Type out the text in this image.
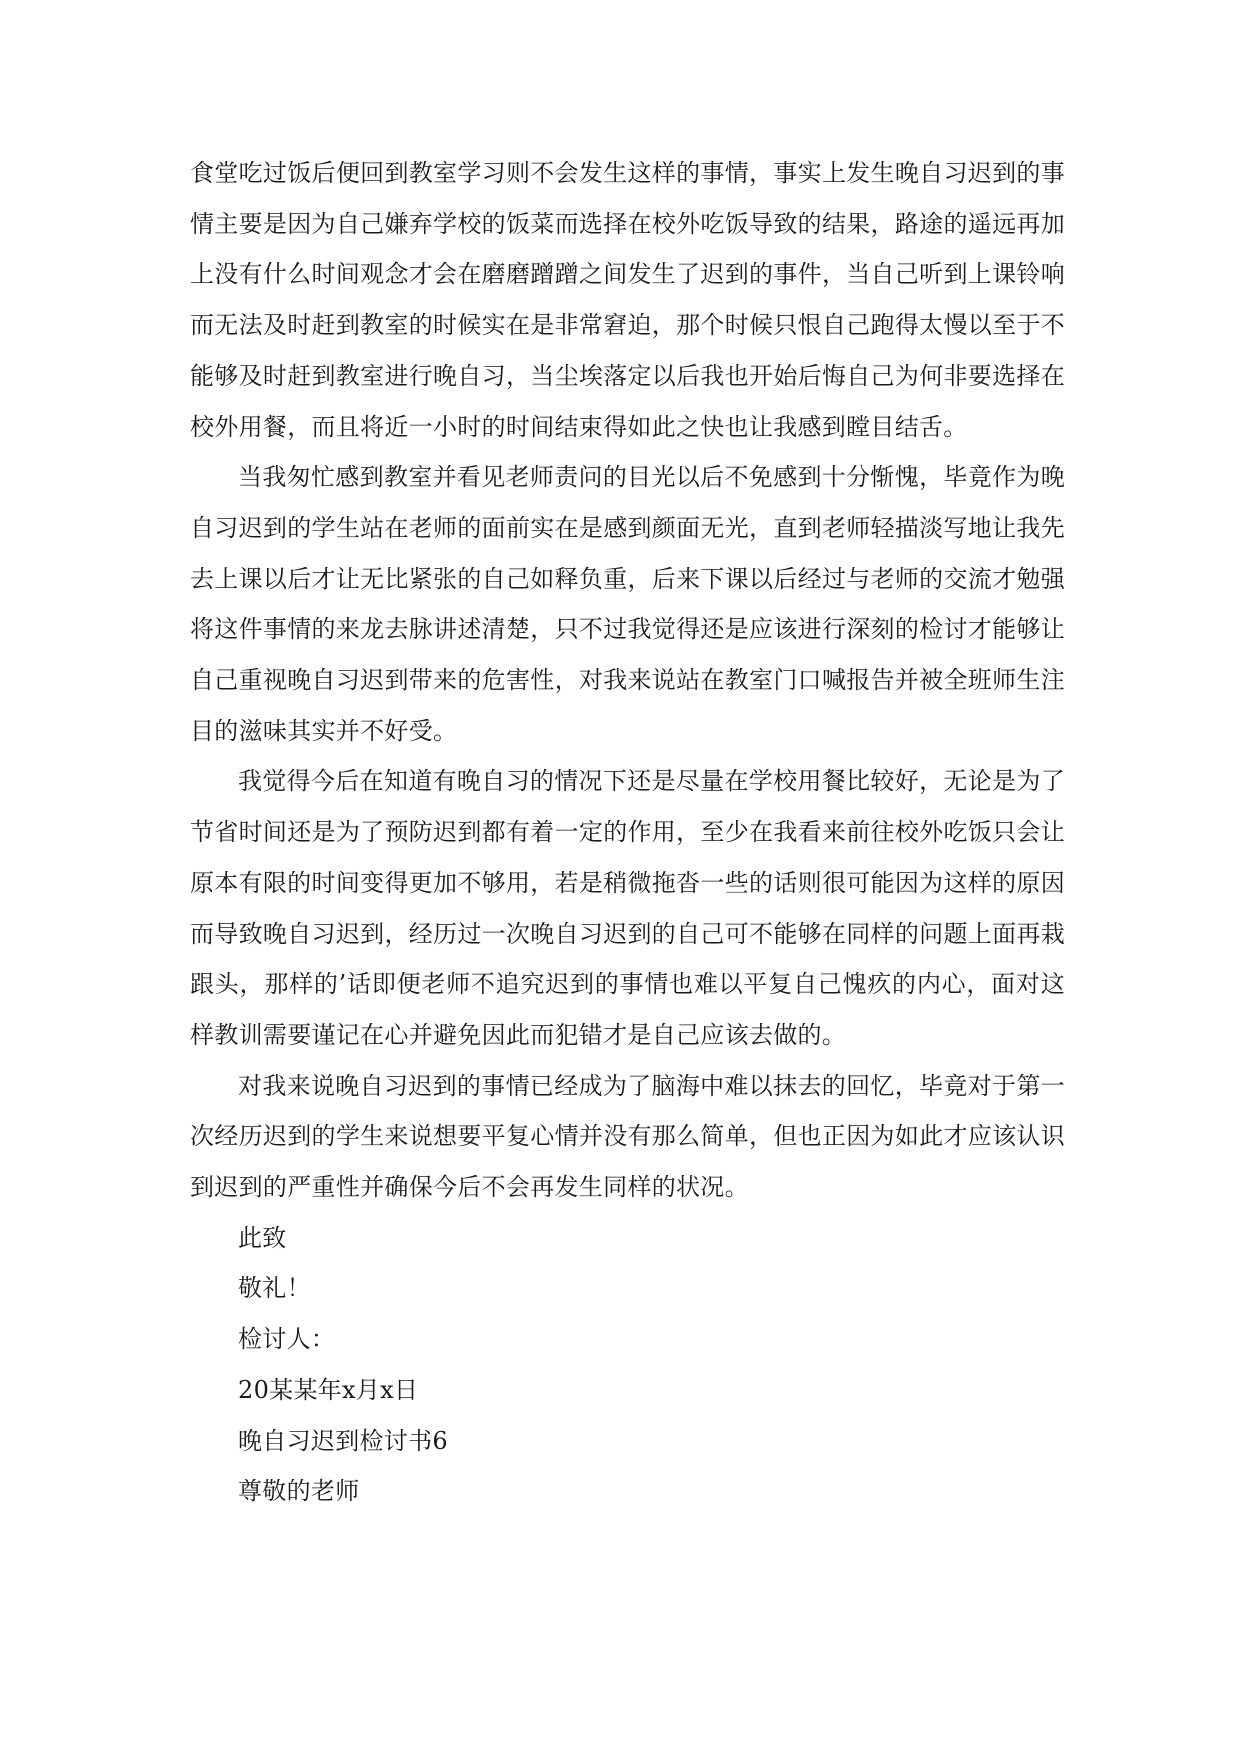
食堂吃过饭后便回到教室学习则不会发生这样的事情，事实上发生晚自习迟到的事情主要是因为自己嫌弃学校的饭菜而选择在校外吃饭导致的结果，路途的遥远再加上没有什么时间观念才会在磨磨蹭蹭之间发生了迟到的事件，当自己听到上课铃响而无法及时赶到教室的时候实在是非常窘迫，那个时候只恨自己跑得太慢以至于不能够及时赶到教室进行晚自习，当尘埃落定以后我也开始后悔自己为何非要选择在校外用餐，而且将近一小时的时间结束得如此之快也让我感到瞠目结舌。

当我匆忙感到教室并看见老师责问的目光以后不免感到十分惭愧，毕竟作为晚自习迟到的学生站在老师的面前实在是感到颜面无光，直到老师轻描淡写地让我先去上课以后才让无比紧张的自己如释负重，后来下课以后经过与老师的交流才勉强将这件事情的来龙去脉讲述清楚，只不过我觉得还是应该进行深刻的检讨才能够让自己重视晚自习迟到带来的危害性，对我来说站在教室门口喊报告并被全班师生注目的滋味其实并不好受。

我觉得今后在知道有晚自习的情况下还是尽量在学校用餐比较好，无论是为了节省时间还是为了预防迟到都有着一定的作用，至少在我看来前往校外吃饭只会让原本有限的时间变得更加不够用，若是稍微拖沓一些的话则很可能因为这样的原因而导致晚自习迟到，经历过一次晚自习迟到的自己可不能够在同样的问题上面再栽跟头，那样的’话即便老师不追究迟到的事情也难以平复自己愧疚的内心，面对这样教训需要谨记在心并避免因此而犯错才是自己应该去做的。

对我来说晚自习迟到的事情已经成为了脑海中难以抹去的回忆，毕竟对于第一次经历迟到的学生来说想要平复心情并没有那么简单，但也正因为如此才应该认识到迟到的严重性并确保今后不会再发生同样的状况。

此致

敬礼！

检讨人：

20某某年x月x日

晚自习迟到检讨书6

尊敬的老师
